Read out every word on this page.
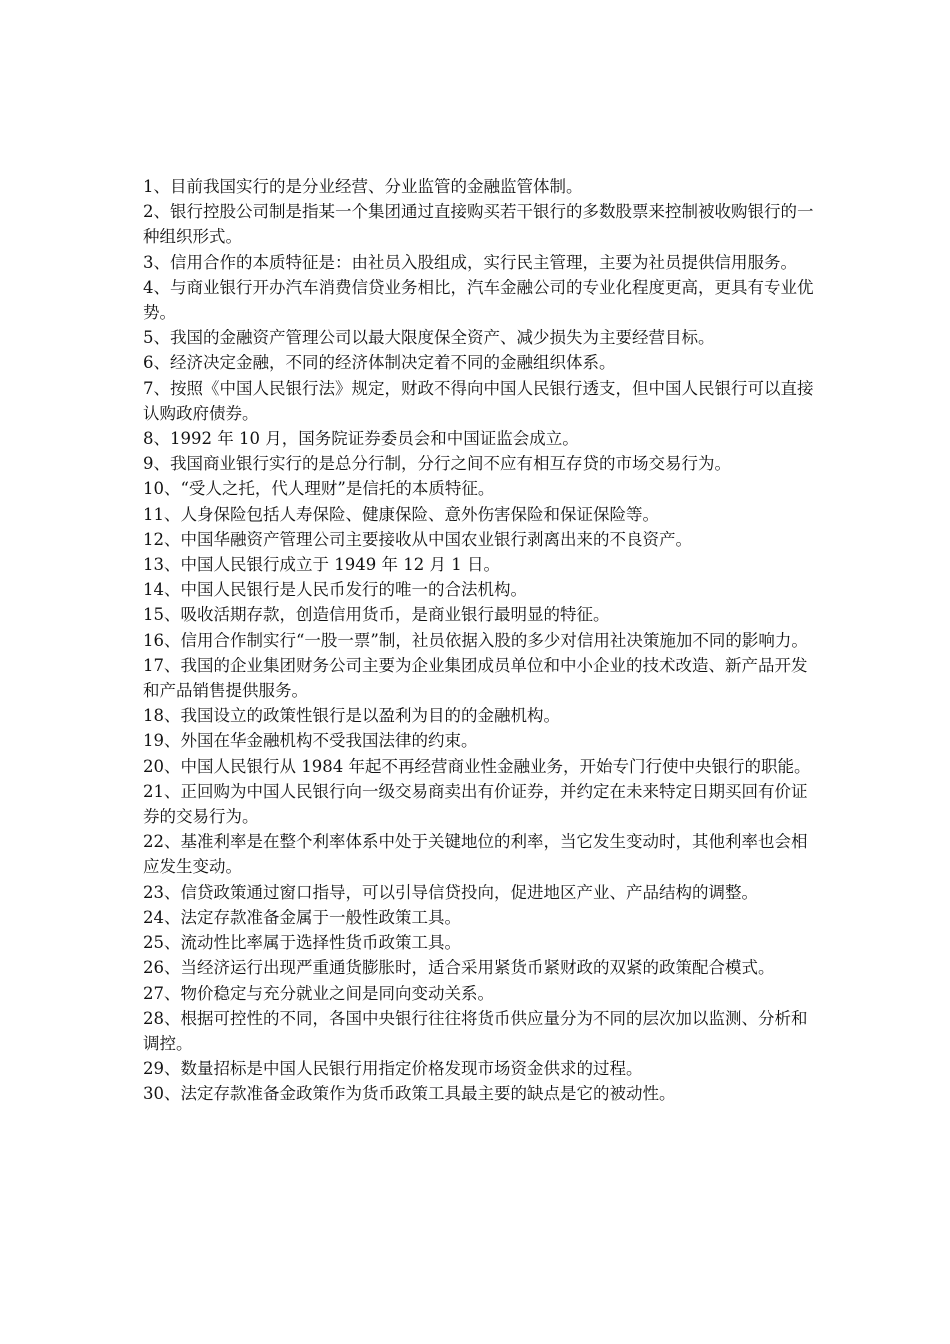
1、目前我国实行的是分业经营、分业监管的金融监管体制。

2、银行控股公司制是指某一个集团通过直接购买若干银行的多数股票来控制被收购银行的一种组织形式。

3、信用合作的本质特征是：由社员入股组成，实行民主管理，主要为社员提供信用服务。

4、与商业银行开办汽车消费信贷业务相比，汽车金融公司的专业化程度更高，更具有专业优势。

5、我国的金融资产管理公司以最大限度保全资产、减少损失为主要经营目标。

6、经济决定金融，不同的经济体制决定着不同的金融组织体系。

7、按照《中国人民银行法》规定，财政不得向中国人民银行透支，但中国人民银行可以直接认购政府债券。

8、1992 年 10 月，国务院证券委员会和中国证监会成立。

9、我国商业银行实行的是总分行制，分行之间不应有相互存贷的市场交易行为。

10、“受人之托，代人理财”是信托的本质特征。

11、人身保险包括人寿保险、健康保险、意外伤害保险和保证保险等。

12、中国华融资产管理公司主要接收从中国农业银行剥离出来的不良资产。

13、中国人民银行成立于 1949 年 12 月 1 日。

14、中国人民银行是人民币发行的唯一的合法机构。

15、吸收活期存款，创造信用货币，是商业银行最明显的特征。

16、信用合作制实行“一股一票”制，社员依据入股的多少对信用社决策施加不同的影响力。

17、我国的企业集团财务公司主要为企业集团成员单位和中小企业的技术改造、新产品开发和产品销售提供服务。

18、我国设立的政策性银行是以盈利为目的的金融机构。

19、外国在华金融机构不受我国法律的约束。

20、中国人民银行从 1984 年起不再经营商业性金融业务，开始专门行使中央银行的职能。

21、正回购为中国人民银行向一级交易商卖出有价证券，并约定在未来特定日期买回有价证券的交易行为。

22、基准利率是在整个利率体系中处于关键地位的利率，当它发生变动时，其他利率也会相应发生变动。

23、信贷政策通过窗口指导，可以引导信贷投向，促进地区产业、产品结构的调整。

24、法定存款准备金属于一般性政策工具。

25、流动性比率属于选择性货币政策工具。

26、当经济运行出现严重通货膨胀时，适合采用紧货币紧财政的双紧的政策配合模式。

27、物价稳定与充分就业之间是同向变动关系。

28、根据可控性的不同，各国中央银行往往将货币供应量分为不同的层次加以监测、分析和调控。

29、数量招标是中国人民银行用指定价格发现市场资金供求的过程。

30、法定存款准备金政策作为货币政策工具最主要的缺点是它的被动性。
